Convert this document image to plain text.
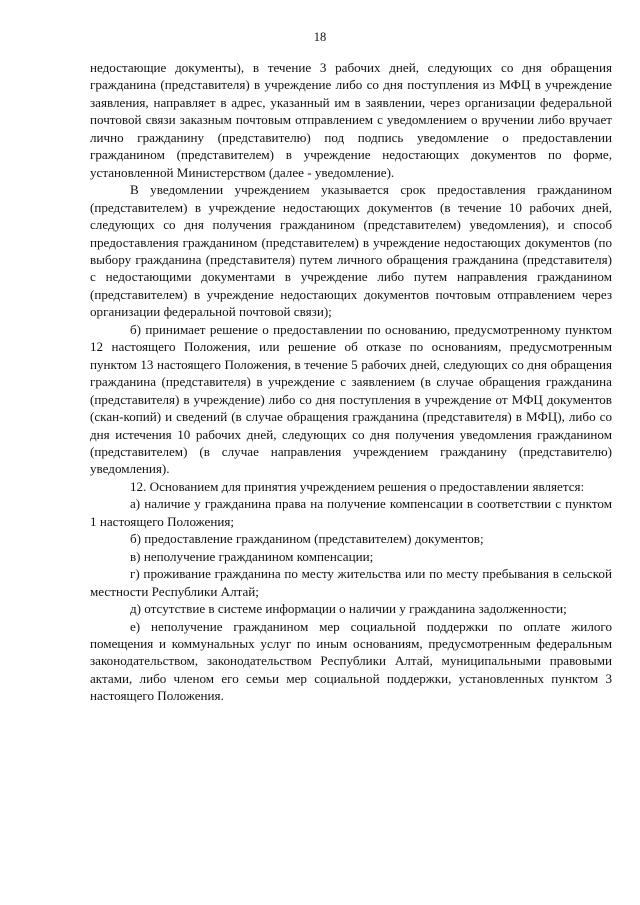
18

недостающие документы), в течение 3 рабочих дней, следующих со дня обращения гражданина (представителя) в учреждение либо со дня поступления из МФЦ в учреждение заявления, направляет в адрес, указанный им в заявлении, через организации федеральной почтовой связи заказным почтовым отправлением с уведомлением о вручении либо вручает лично гражданину (представителю) под подпись уведомление о предоставлении гражданином (представителем) в учреждение недостающих документов по форме, установленной Министерством (далее - уведомление).

В уведомлении учреждением указывается срок предоставления гражданином (представителем) в учреждение недостающих документов (в течение 10 рабочих дней, следующих со дня получения гражданином (представителем) уведомления), и способ предоставления гражданином (представителем) в учреждение недостающих документов (по выбору гражданина (представителя) путем личного обращения гражданина (представителя) с недостающими документами в учреждение либо путем направления гражданином (представителем) в учреждение недостающих документов почтовым отправлением через организации федеральной почтовой связи);

б) принимает решение о предоставлении по основанию, предусмотренному пунктом 12 настоящего Положения, или решение об отказе по основаниям, предусмотренным пунктом 13 настоящего Положения, в течение 5 рабочих дней, следующих со дня обращения гражданина (представителя) в учреждение с заявлением (в случае обращения гражданина (представителя) в учреждение) либо со дня поступления в учреждение от МФЦ документов (скан-копий) и сведений (в случае обращения гражданина (представителя) в МФЦ), либо со дня истечения 10 рабочих дней, следующих со дня получения уведомления гражданином (представителем) (в случае направления учреждением гражданину (представителю) уведомления).

12. Основанием для принятия учреждением решения о предоставлении является:

а) наличие у гражданина права на получение компенсации в соответствии с пунктом 1 настоящего Положения;

б) предоставление гражданином (представителем) документов;

в) неполучение гражданином компенсации;

г) проживание гражданина по месту жительства или по месту пребывания в сельской местности Республики Алтай;

д) отсутствие в системе информации о наличии у гражданина задолженности;

е) неполучение гражданином мер социальной поддержки по оплате жилого помещения и коммунальных услуг по иным основаниям, предусмотренным федеральным законодательством, законодательством Республики Алтай, муниципальными правовыми актами, либо членом его семьи мер социальной поддержки, установленных пунктом 3 настоящего Положения.
